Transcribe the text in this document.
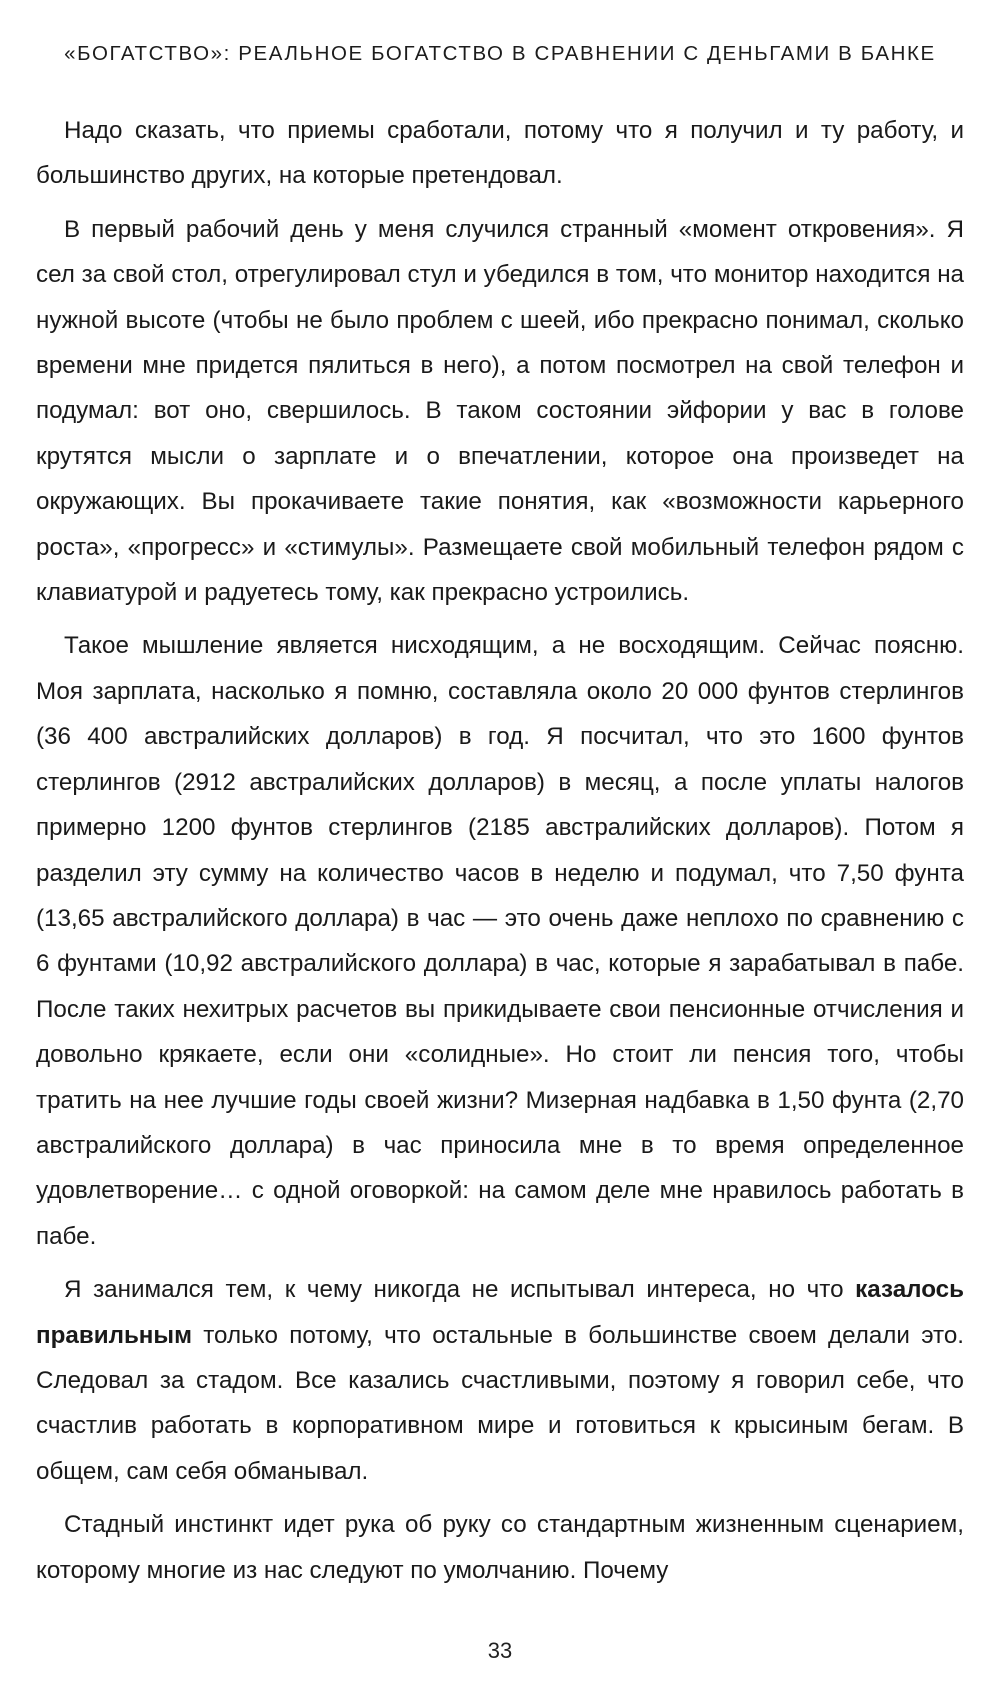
«БОГАТСТВО»: РЕАЛЬНОЕ БОГАТСТВО В СРАВНЕНИИ С ДЕНЬГАМИ В БАНКЕ

Надо сказать, что приемы сработали, потому что я получил и ту работу, и большинство других, на которые претендовал.

В первый рабочий день у меня случился странный «момент откровения». Я сел за свой стол, отрегулировал стул и убедился в том, что монитор находится на нужной высоте (чтобы не было проблем с шеей, ибо прекрасно понимал, сколько времени мне придется пялиться в него), а потом посмотрел на свой телефон и подумал: вот оно, свершилось. В таком состоянии эйфории у вас в голове крутятся мысли о зарплате и о впечатлении, которое она произведет на окружающих. Вы прокачиваете такие понятия, как «возможности карьерного роста», «прогресс» и «стимулы». Размещаете свой мобильный телефон рядом с клавиатурой и радуетесь тому, как прекрасно устроились.

Такое мышление является нисходящим, а не восходящим. Сейчас поясню. Моя зарплата, насколько я помню, составляла около 20 000 фунтов стерлингов (36 400 австралийских долларов) в год. Я посчитал, что это 1600 фунтов стерлингов (2912 австралийских долларов) в месяц, а после уплаты налогов примерно 1200 фунтов стерлингов (2185 австралийских долларов). Потом я разделил эту сумму на количество часов в неделю и подумал, что 7,50 фунта (13,65 австралийского доллара) в час — это очень даже неплохо по сравнению с 6 фунтами (10,92 австралийского доллара) в час, которые я зарабатывал в пабе. После таких нехитрых расчетов вы прикидываете свои пенсионные отчисления и довольно крякаете, если они «солидные». Но стоит ли пенсия того, чтобы тратить на нее лучшие годы своей жизни? Мизерная надбавка в 1,50 фунта (2,70 австралийского доллара) в час приносила мне в то время определенное удовлетворение… с одной оговоркой: на самом деле мне нравилось работать в пабе.

Я занимался тем, к чему никогда не испытывал интереса, но что казалось правильным только потому, что остальные в большинстве своем делали это. Следовал за стадом. Все казались счастливыми, поэтому я говорил себе, что счастлив работать в корпоративном мире и готовиться к крысиным бегам. В общем, сам себя обманывал.

Стадный инстинкт идет рука об руку со стандартным жизненным сценарием, которому многие из нас следуют по умолчанию. Почему

33
